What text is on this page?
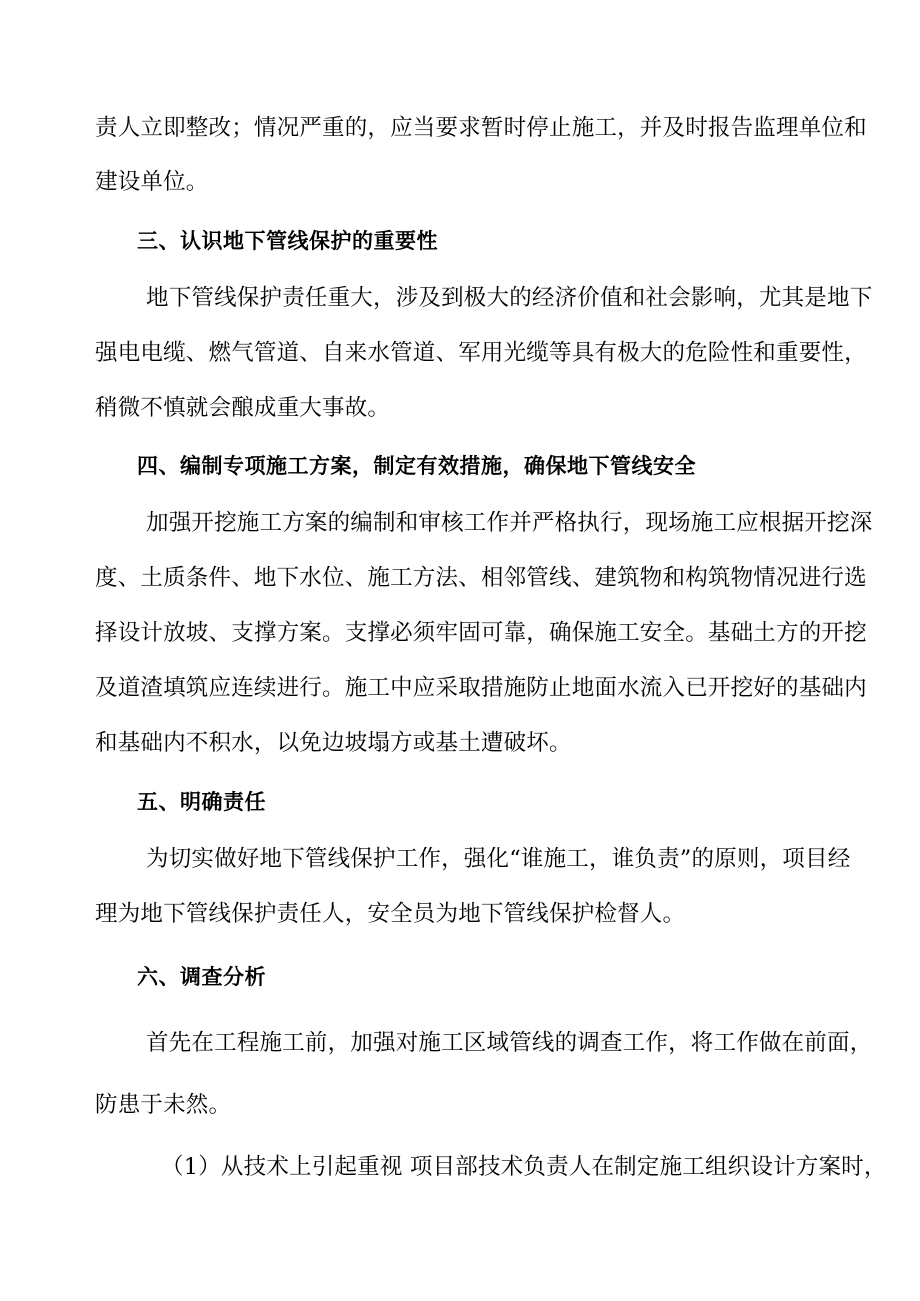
责人立即整改；情况严重的，应当要求暂时停止施工，并及时报告监理单位和
建设单位。
三、认识地下管线保护的重要性
地下管线保护责任重大，涉及到极大的经济价值和社会影响，尤其是地下
强电电缆、燃气管道、自来水管道、军用光缆等具有极大的危险性和重要性，
稍微不慎就会酿成重大事故。
四、编制专项施工方案，制定有效措施，确保地下管线安全
加强开挖施工方案的编制和审核工作并严格执行，现场施工应根据开挖深
度、土质条件、地下水位、施工方法、相邻管线、建筑物和构筑物情况进行选
择设计放坡、支撑方案。支撑必须牢固可靠，确保施工安全。基础土方的开挖
及道渣填筑应连续进行。施工中应采取措施防止地面水流入已开挖好的基础内
和基础内不积水，以免边坡塌方或基土遭破坏。
五、明确责任
为切实做好地下管线保护工作，强化“谁施工，谁负责”的原则，项目经
理为地下管线保护责任人，安全员为地下管线保护检督人。
六、调查分析
首先在工程施工前，加强对施工区域管线的调查工作，将工作做在前面，
防患于未然。
（1）从技术上引起重视 项目部技术负责人在制定施工组织设计方案时，
